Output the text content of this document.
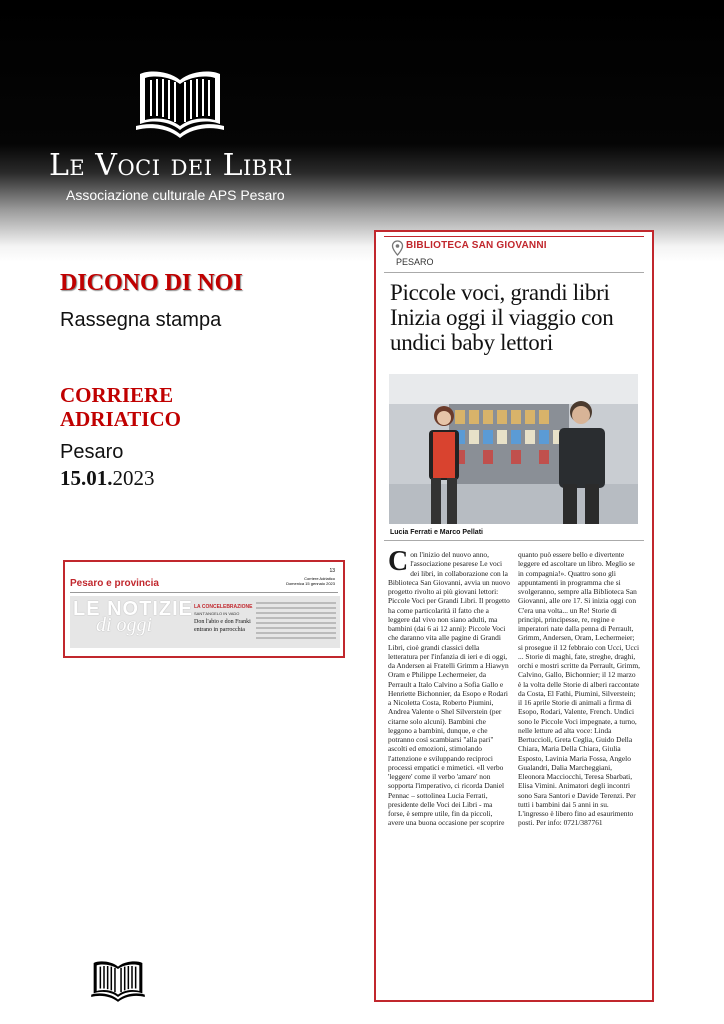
Le Voci dei Libri
Associazione culturale APS Pesaro
DICONO DI NOI
Rassegna stampa
CORRIERE
ADRIATICO
Pesaro
15.01.2023
13
Pesaro e provincia	Corriere Adriatico
Domenica 15 gennaio 2023
LE NOTIZIE
di oggi
LA CONCELEBRAZIONE
SANT'ANGELO IN VADO
Don l'abio e don Franki entrano in parrocchia
BIBLIOTECA SAN GIOVANNI
PESARO
Piccole voci, grandi libri Inizia oggi il viaggio con undici baby lettori
Lucia Ferrati e Marco Pellati
Con l'inizio del nuovo anno, l'associazione pesarese Le voci dei libri, in collaborazione con la Biblioteca San Giovanni, avvia un nuovo progetto rivolto ai più giovani lettori: Piccole Voci per Grandi Libri. Il progetto ha come particolarità il fatto che a leggere dal vivo non siano adulti, ma bambini (dai 6 ai 12 anni): Piccole Voci che daranno vita alle pagine di Grandi Libri, cioè grandi classici della letteratura per l'infanzia di ieri e di oggi, da Andersen ai Fratelli Grimm a Hiawyn Oram e Philippe Lechermeier, da Perrault a Italo Calvino a Sofia Gallo e Henriette Bichonnier, da Esopo e Rodari a Nicoletta Costa, Roberto Piumini, Andrea Valente o Shel Silverstein (per citarne solo alcuni). Bambini che leggono a bambini, dunque, e che potranno così scambiarsi "alla pari" ascolti ed emozioni, stimolando l'attenzione e sviluppando reciproci processi empatici e mimetici. «Il verbo 'leggere' come il verbo 'amare' non sopporta l'imperativo, ci ricorda Daniel Pennac – sottolinea Lucia Ferrati, presidente delle Voci dei Libri - ma forse, è sempre utile, fin da piccoli, avere una buona occasione per scoprire
quanto può essere bello e divertente leggere ed ascoltare un libro. Meglio se in compagnia!». Quattro sono gli appuntamenti in programma che si svolgeranno, sempre alla Biblioteca San Giovanni, alle ore 17. Si inizia oggi con C'era una volta... un Re! Storie di principi, principesse, re, regine e imperatori nate dalla penna di Perrault, Grimm, Andersen, Oram, Lechermeier; si prosegue il 12 febbraio con Ucci, Ucci ... Storie di maghi, fate, streghe, draghi, orchi e mostri scritte da Perrault, Grimm, Calvino, Gallo, Bichonnier; il 12 marzo è la volta delle Storie di alberi raccontate da Costa, El Fathi, Piumini, Silverstein; il 16 aprile Storie di animali a firma di Esopo, Rodari, Valente, French. Undici sono le Piccole Voci impegnate, a turno, nelle letture ad alta voce: Linda Bertuccioli, Greta Ceglia, Guido Della Chiara, Maria Della Chiara, Giulia Esposto, Lavinia Maria Fossa, Angelo Gualandri, Dalia Marcheggiani, Eleonora Macciocchi, Teresa Sbarbati, Elisa Vimini. Animatori degli incontri sono Sara Santori e Davide Terenzi. Per tutti i bambini dai 5 anni in su. L'ingresso è libero fino ad esaurimento posti. Per info: 0721/387761
